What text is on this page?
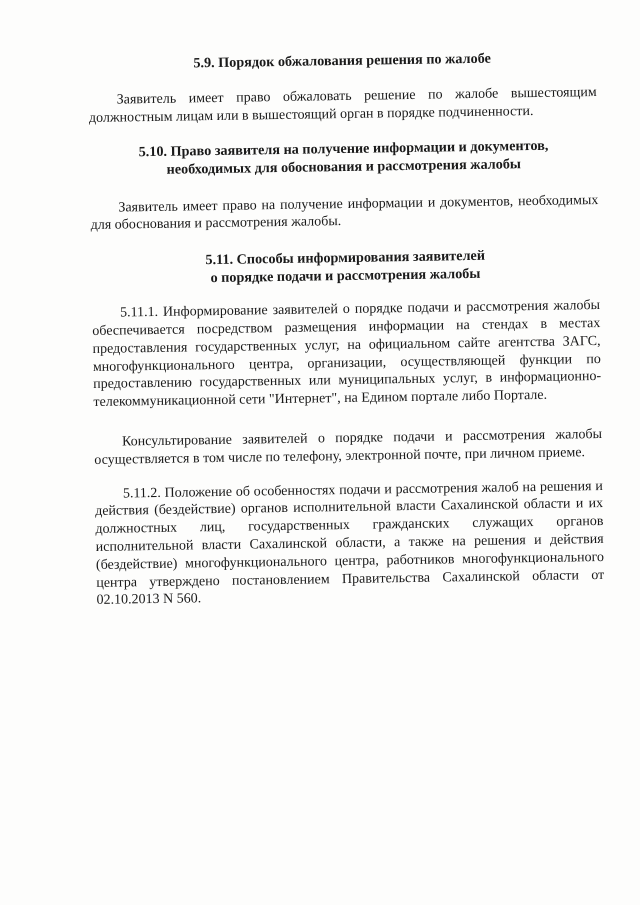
5.9. Порядок обжалования решения по жалобе

Заявитель имеет право обжаловать решение по жалобе вышестоящим должностным лицам или в вышестоящий орган в порядке подчиненности.

5.10. Право заявителя на получение информации и документов,

необходимых для обоснования и рассмотрения жалобы

Заявитель имеет право на получение информации и документов, необходимых для обоснования и рассмотрения жалобы.

5.11. Способы информирования заявителей

о порядке подачи и рассмотрения жалобы

5.11.1. Информирование заявителей о порядке подачи и рассмотрения жалобы обеспечивается посредством размещения информации на стендах в местах предоставления государственных услуг, на официальном сайте агентства ЗАГС, многофункционального центра, организации, осуществляющей функции по предоставлению государственных или муниципальных услуг, в информационно-телекоммуникационной сети "Интернет", на Едином портале либо Портале.

Консультирование заявителей о порядке подачи и рассмотрения жалобы осуществляется в том числе по телефону, электронной почте, при личном приеме.

5.11.2. Положение об особенностях подачи и рассмотрения жалоб на решения и действия (бездействие) органов исполнительной власти Сахалинской области и их должностных лиц, государственных гражданских служащих органов исполнительной власти Сахалинской области, а также на решения и действия (бездействие) многофункционального центра, работников многофункционального центра утверждено постановлением Правительства Сахалинской области от 02.10.2013 N 560.
